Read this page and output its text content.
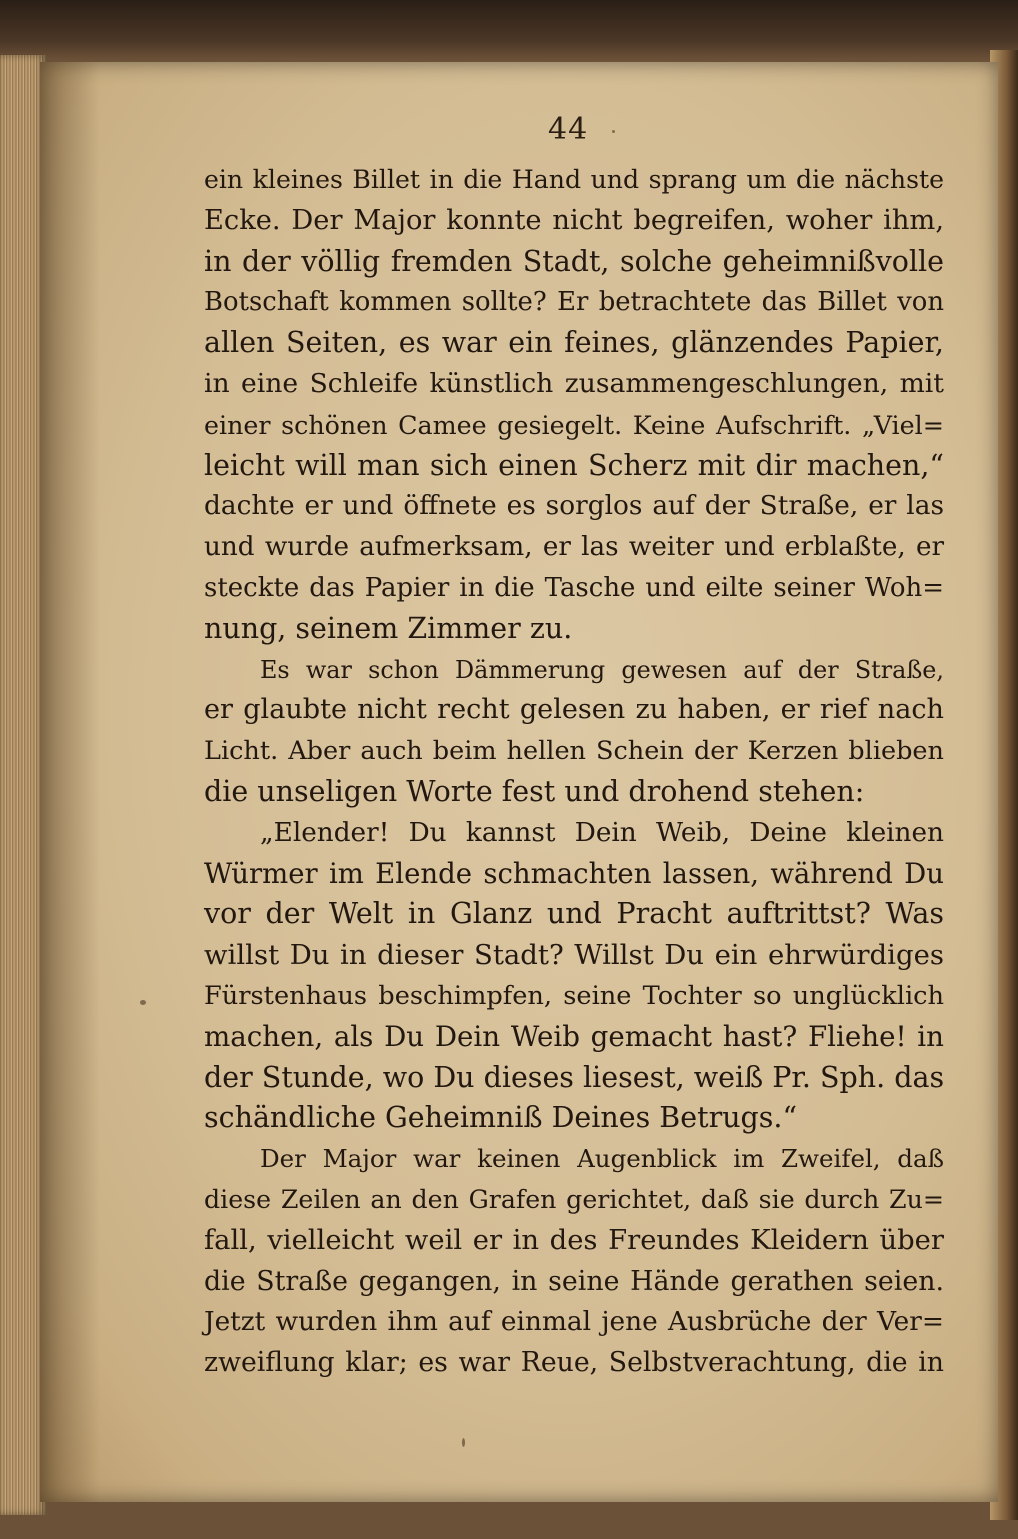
44
ein kleines Billet in die Hand und sprang um die nächste
Ecke. Der Major konnte nicht begreifen, woher ihm,
in der völlig fremden Stadt, solche geheimnißvolle
Botschaft kommen sollte? Er betrachtete das Billet von
allen Seiten, es war ein feines, glänzendes Papier,
in eine Schleife künstlich zusammengeschlungen, mit
einer schönen Camee gesiegelt. Keine Aufschrift. „Viel=
leicht will man sich einen Scherz mit dir machen,“
dachte er und öffnete es sorglos auf der Straße, er las
und wurde aufmerksam, er las weiter und erblaßte, er
steckte das Papier in die Tasche und eilte seiner Woh=
nung, seinem Zimmer zu.
Es war schon Dämmerung gewesen auf der Straße,
er glaubte nicht recht gelesen zu haben, er rief nach
Licht. Aber auch beim hellen Schein der Kerzen blieben
die unseligen Worte fest und drohend stehen:
„Elender! Du kannst Dein Weib, Deine kleinen
Würmer im Elende schmachten lassen, während Du
vor der Welt in Glanz und Pracht auftrittst? Was
willst Du in dieser Stadt? Willst Du ein ehrwürdiges
Fürstenhaus beschimpfen, seine Tochter so unglücklich
machen, als Du Dein Weib gemacht hast? Fliehe! in
der Stunde, wo Du dieses liesest, weiß Pr. Sph. das
schändliche Geheimniß Deines Betrugs.“
Der Major war keinen Augenblick im Zweifel, daß
diese Zeilen an den Grafen gerichtet, daß sie durch Zu=
fall, vielleicht weil er in des Freundes Kleidern über
die Straße gegangen, in seine Hände gerathen seien.
Jetzt wurden ihm auf einmal jene Ausbrüche der Ver=
zweiflung klar; es war Reue, Selbstverachtung, die in
